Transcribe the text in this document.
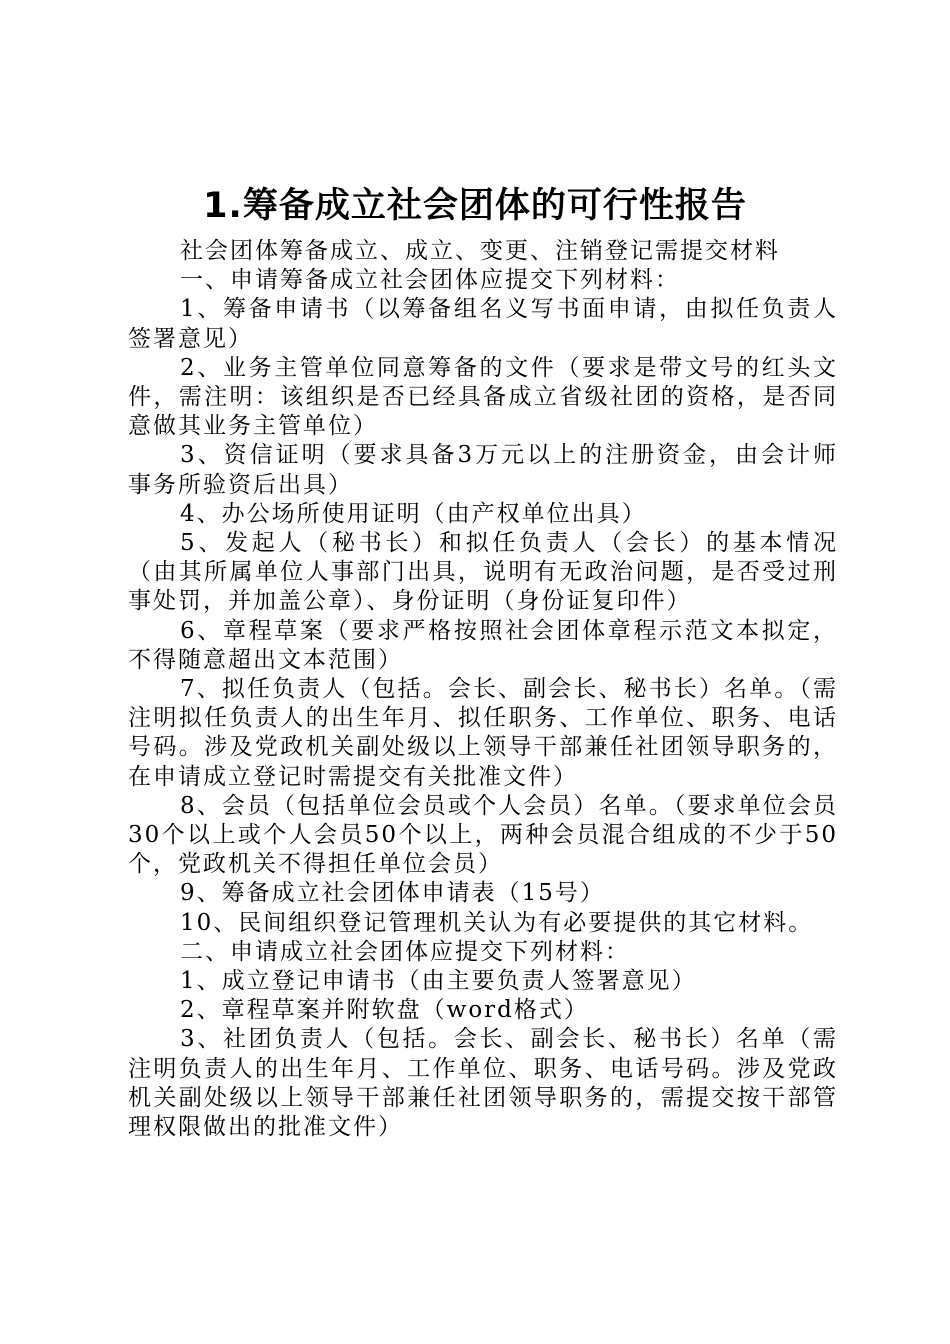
1.筹备成立社会团体的可行性报告

社会团体筹备成立、成立、变更、注销登记需提交材料

一、申请筹备成立社会团体应提交下列材料：

1、筹备申请书（以筹备组名义写书面申请，由拟任负责人签署意见）

2、业务主管单位同意筹备的文件（要求是带文号的红头文件，需注明：该组织是否已经具备成立省级社团的资格，是否同意做其业务主管单位）

3、资信证明（要求具备3万元以上的注册资金，由会计师事务所验资后出具）

4、办公场所使用证明（由产权单位出具）

5、发起人（秘书长）和拟任负责人（会长）的基本情况（由其所属单位人事部门出具，说明有无政治问题，是否受过刑事处罚，并加盖公章）、身份证明（身份证复印件）

6、章程草案（要求严格按照社会团体章程示范文本拟定，不得随意超出文本范围）

7、拟任负责人（包括。会长、副会长、秘书长）名单。（需注明拟任负责人的出生年月、拟任职务、工作单位、职务、电话号码。涉及党政机关副处级以上领导干部兼任社团领导职务的，在申请成立登记时需提交有关批准文件）

8、会员（包括单位会员或个人会员）名单。（要求单位会员30个以上或个人会员50个以上，两种会员混合组成的不少于50个，党政机关不得担任单位会员）

9、筹备成立社会团体申请表（15号）

10、民间组织登记管理机关认为有必要提供的其它材料。

二、申请成立社会团体应提交下列材料：

1、成立登记申请书（由主要负责人签署意见）

2、章程草案并附软盘（word格式）

3、社团负责人（包括。会长、副会长、秘书长）名单（需注明负责人的出生年月、工作单位、职务、电话号码。涉及党政机关副处级以上领导干部兼任社团领导职务的，需提交按干部管理权限做出的批准文件）
